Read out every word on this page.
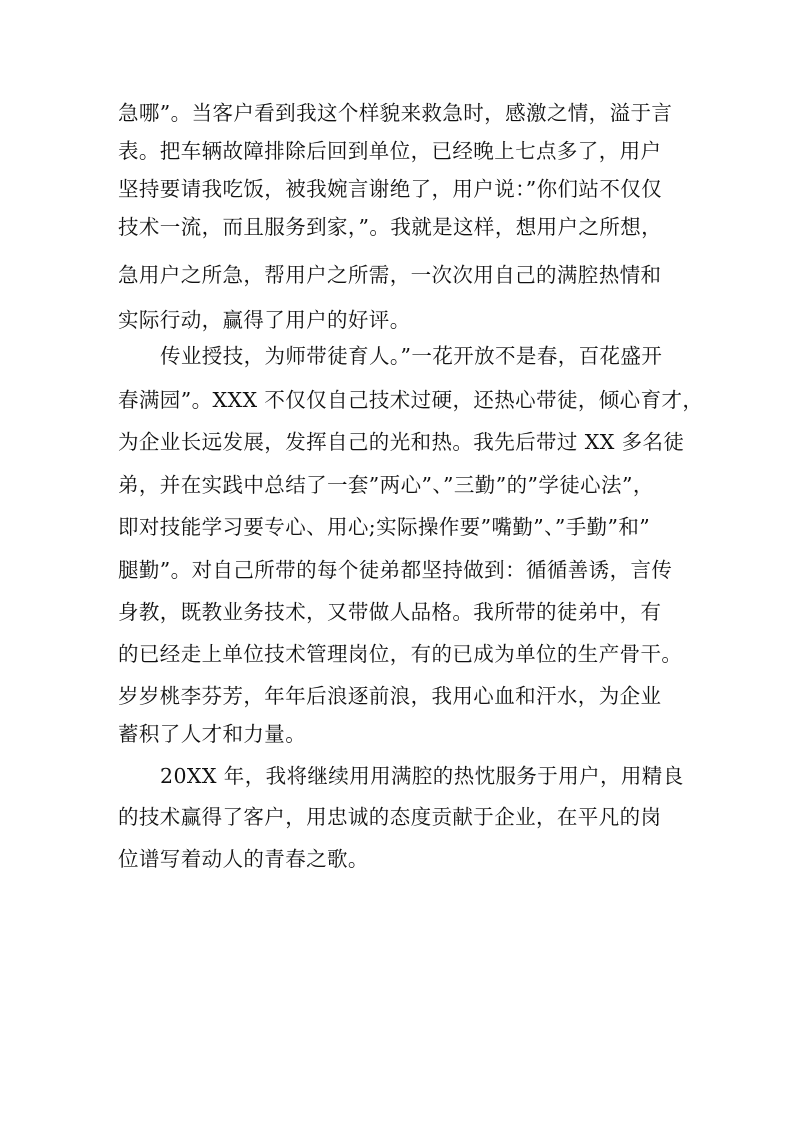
急哪”。当客户看到我这个样貌来救急时，感激之情，溢于言
表。把车辆故障排除后回到单位，已经晚上七点多了，用户
坚持要请我吃饭，被我婉言谢绝了，用户说：”你们站不仅仅
技术一流，而且服务到家，”。我就是这样，想用户之所想，
急用户之所急，帮用户之所需，一次次用自己的满腔热情和
实际行动，赢得了用户的好评。
传业授技，为师带徒育人。”一花开放不是春，百花盛开
春满园”。XXX 不仅仅自己技术过硬，还热心带徒，倾心育才，
为企业长远发展，发挥自己的光和热。我先后带过 XX 多名徒
弟，并在实践中总结了一套”两心”、”三勤”的”学徒心法”，
即对技能学习要专心、用心;实际操作要”嘴勤”、”手勤”和”
腿勤”。对自己所带的每个徒弟都坚持做到：循循善诱，言传
身教，既教业务技术，又带做人品格。我所带的徒弟中，有
的已经走上单位技术管理岗位，有的已成为单位的生产骨干。
岁岁桃李芬芳，年年后浪逐前浪，我用心血和汗水，为企业
蓄积了人才和力量。
20XX 年，我将继续用用满腔的热忱服务于用户，用精良
的技术赢得了客户，用忠诚的态度贡献于企业，在平凡的岗
位谱写着动人的青春之歌。
